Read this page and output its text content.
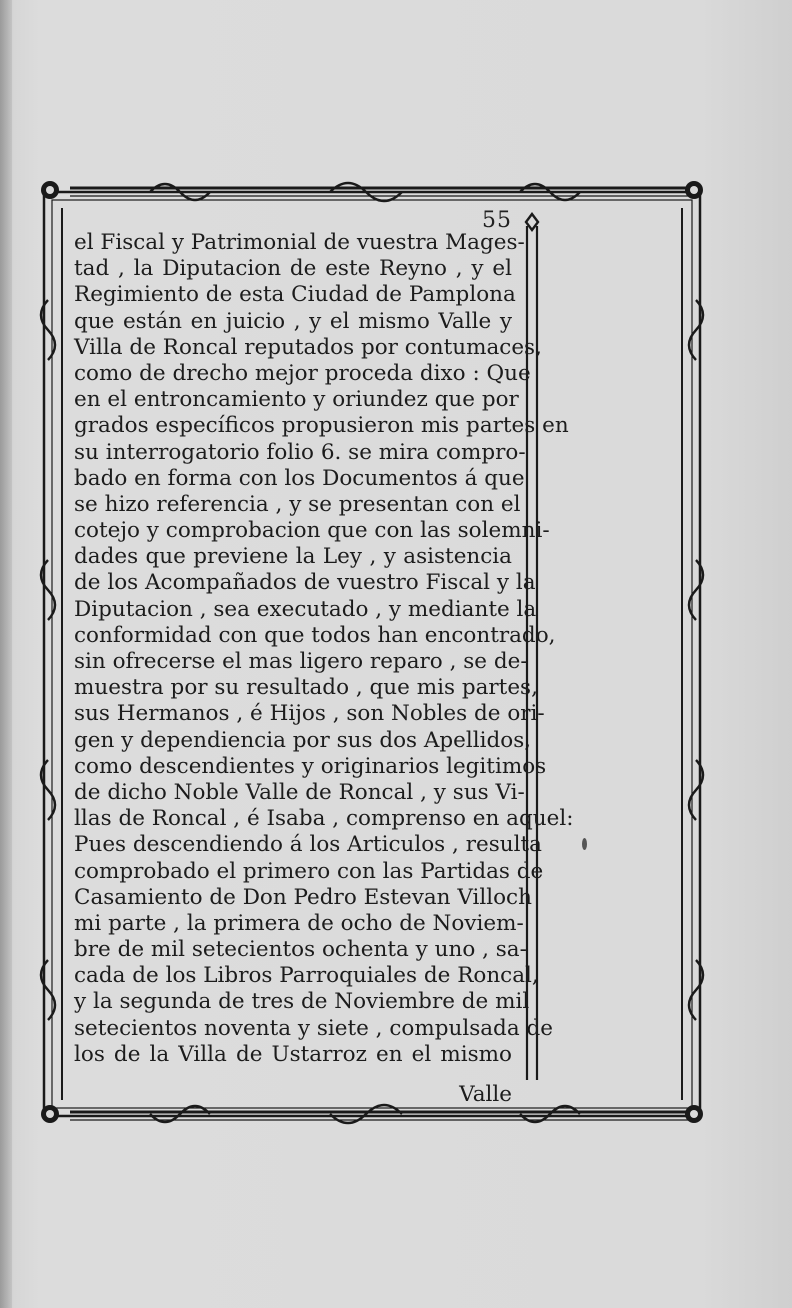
55
el Fiscal y Patrimonial de vuestra Mages-
tad , la Diputacion de este Reyno , y el
Regimiento de esta Ciudad de Pamplona
que están en juicio , y el mismo Valle y
Villa de Roncal reputados por contumaces,
como de drecho mejor proceda dixo : Que
en el entroncamiento y oriundez que por
grados específicos propusieron mis partes en
su interrogatorio folio 6. se mira compro-
bado en forma con los Documentos á que
se hizo referencia , y se presentan con el
cotejo y comprobacion que con las solemni-
dades que previene la Ley , y asistencia
de los Acompañados de vuestro Fiscal y la
Diputacion , sea executado , y mediante la
conformidad con que todos han encontrado,
sin ofrecerse el mas ligero reparo , se de-
muestra por su resultado , que mis partes,
sus Hermanos , é Hijos , son Nobles de ori-
gen y dependiencia por sus dos Apellidos,
como descendientes y originarios legitimos
de dicho Noble Valle de Roncal , y sus Vi-
llas de Roncal , é Isaba , comprenso en aquel:
Pues descendiendo á los Articulos , resulta
comprobado el primero con las Partidas de
Casamiento de Don Pedro Estevan Villoch
mi parte , la primera de ocho de Noviem-
bre de mil setecientos ochenta y uno , sa-
cada de los Libros Parroquiales de Roncal,
y la segunda de tres de Noviembre de mil
setecientos noventa y siete , compulsada de
los de la Villa de Ustarroz en el mismo
Valle
